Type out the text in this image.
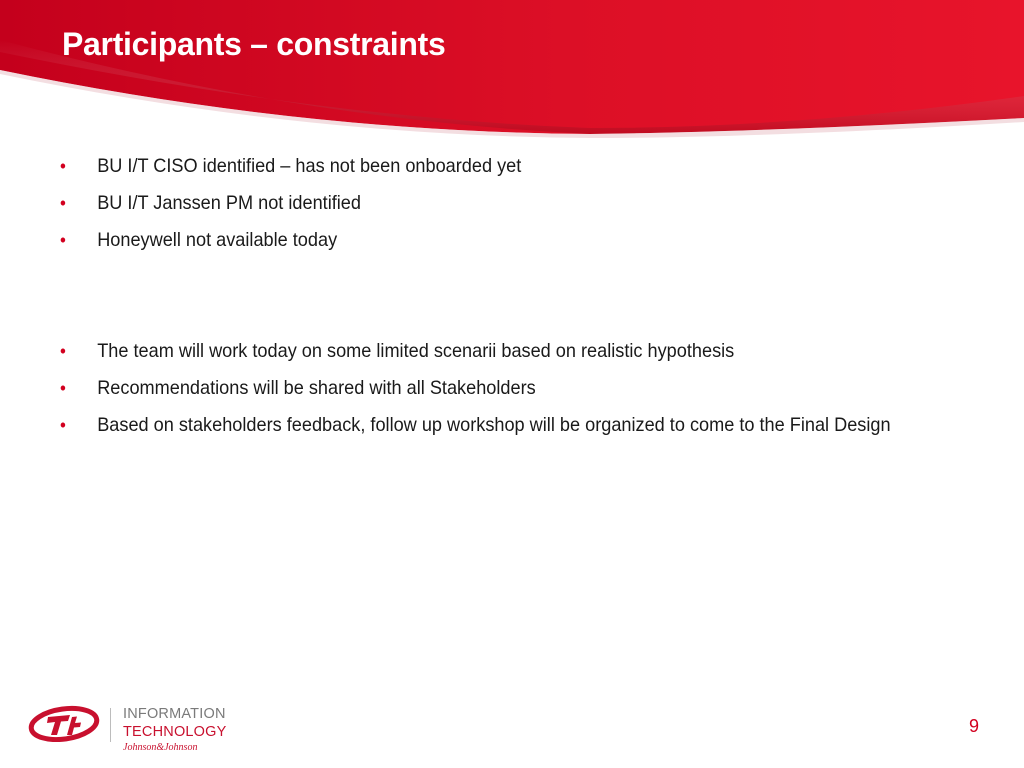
Participants – constraints
• BU I/T CISO identified – has not been onboarded yet
• BU I/T Janssen PM not identified
• Honeywell not available today
• The team will work today on some limited scenarii based on realistic hypothesis
• Recommendations will be shared with all Stakeholders
• Based on stakeholders feedback, follow up workshop will be organized to come to the Final Design
INFORMATION
TECHNOLOGY
Johnson&Johnson
9
